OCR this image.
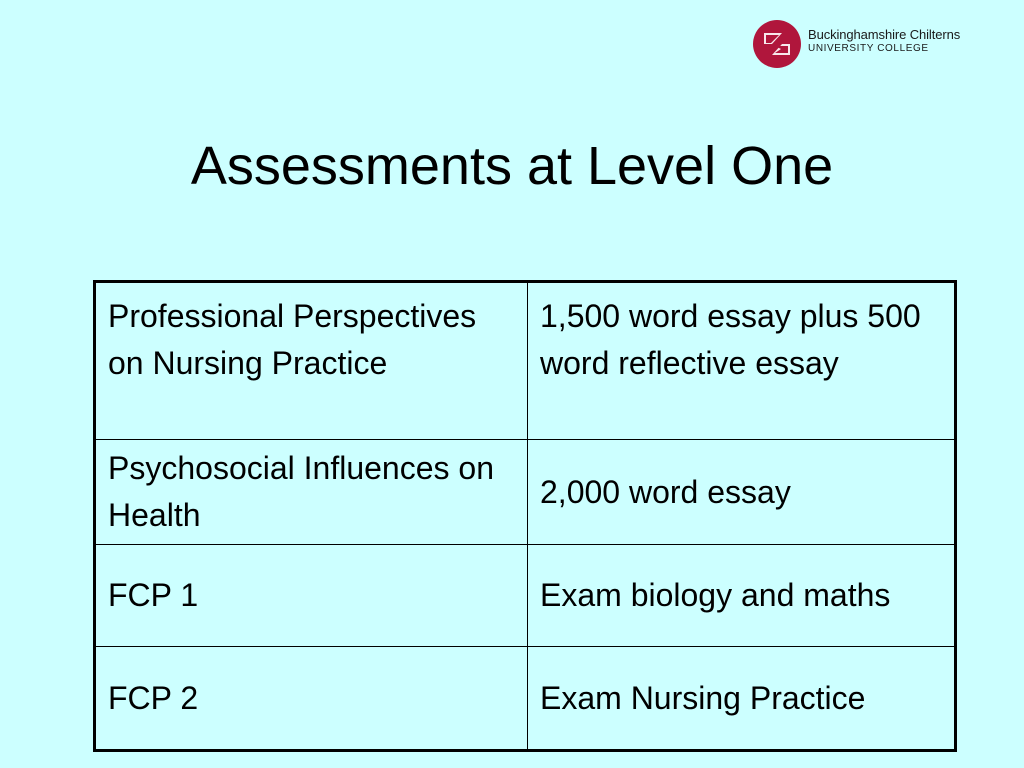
Buckinghamshire Chilterns
UNIVERSITY COLLEGE
Assessments at Level One
Professional Perspectives on Nursing Practice	1,500 word essay plus 500 word reflective essay
Psychosocial Influences on Health	2,000 word essay
FCP 1	Exam biology and maths
FCP 2	Exam Nursing Practice
